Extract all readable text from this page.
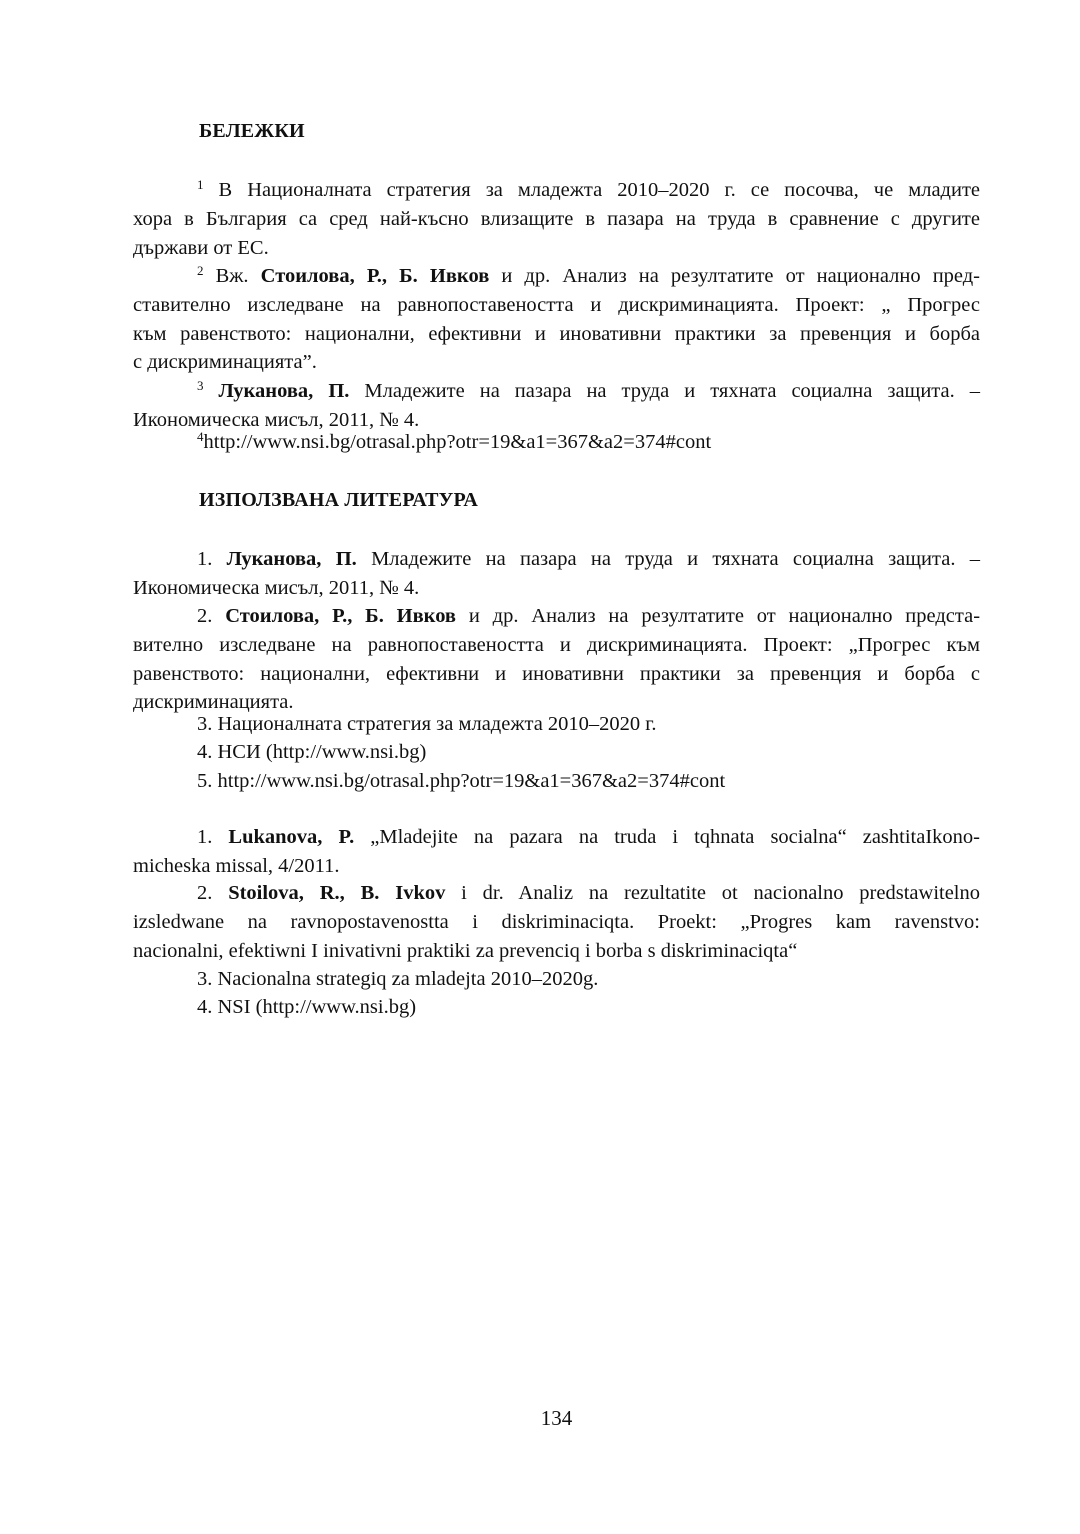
БЕЛЕЖКИ
$^1$ В Националната стратегия за младежта 2010–2020 г. се посочва, че младите
хора в България са сред най-късно влизащите в пазара на труда в сравнение с другите
държави от ЕС.
$^2$ Вж. Стоилова, Р., Б. Ивков и др. Анализ на резултатите от национално пред-
ставително изследване на равнопоставеността и дискриминацията. Проект: „ Прогрес
към равенството: национални, ефективни и иновативни практики за превенция и борба
с дискриминацията”.
$^3$ Луканова, П. Младежите на пазара на труда и тяхната социална защита. –
Икономическа мисъл, 2011, № 4.
$^4$http://www.nsi.bg/otrasal.php?otr=19&a1=367&a2=374#cont
ИЗПОЛЗВАНА ЛИТЕРАТУРА
1. Луканова, П. Младежите на пазара на труда и тяхната социална защита. –
Икономическа мисъл, 2011, № 4.
2. Стоилова, Р., Б. Ивков и др. Анализ на резултатите от национално предста-
вително изследване на равнопоставеността и дискриминацията. Проект: „Прогрес към
равенството: национални, ефективни и иновативни практики за превенция и борба с
дискриминацията.
3. Националната стратегия за младежта 2010–2020 г.
4. НСИ (http://www.nsi.bg)
5. http://www.nsi.bg/otrasal.php?otr=19&a1=367&a2=374#cont
1. Lukanova, P. „Mladejite na pazara na truda i tqhnata socialna“ zashtitaIkono-
micheska missal, 4/2011.
2. Stoilova, R., B. Ivkov i dr. Analiz na rezultatite ot nacionalno predstawitelno
izsledwane na ravnopostavenostta i diskriminaciqta. Proekt: „Progres kam ravenstvo:
nacionalni, efektiwni I inivativni praktiki za prevenciq i borba s diskriminaciqta“
3. Nacionalna strategiq za mladejta 2010–2020g.
4. NSI (http://www.nsi.bg)
134
